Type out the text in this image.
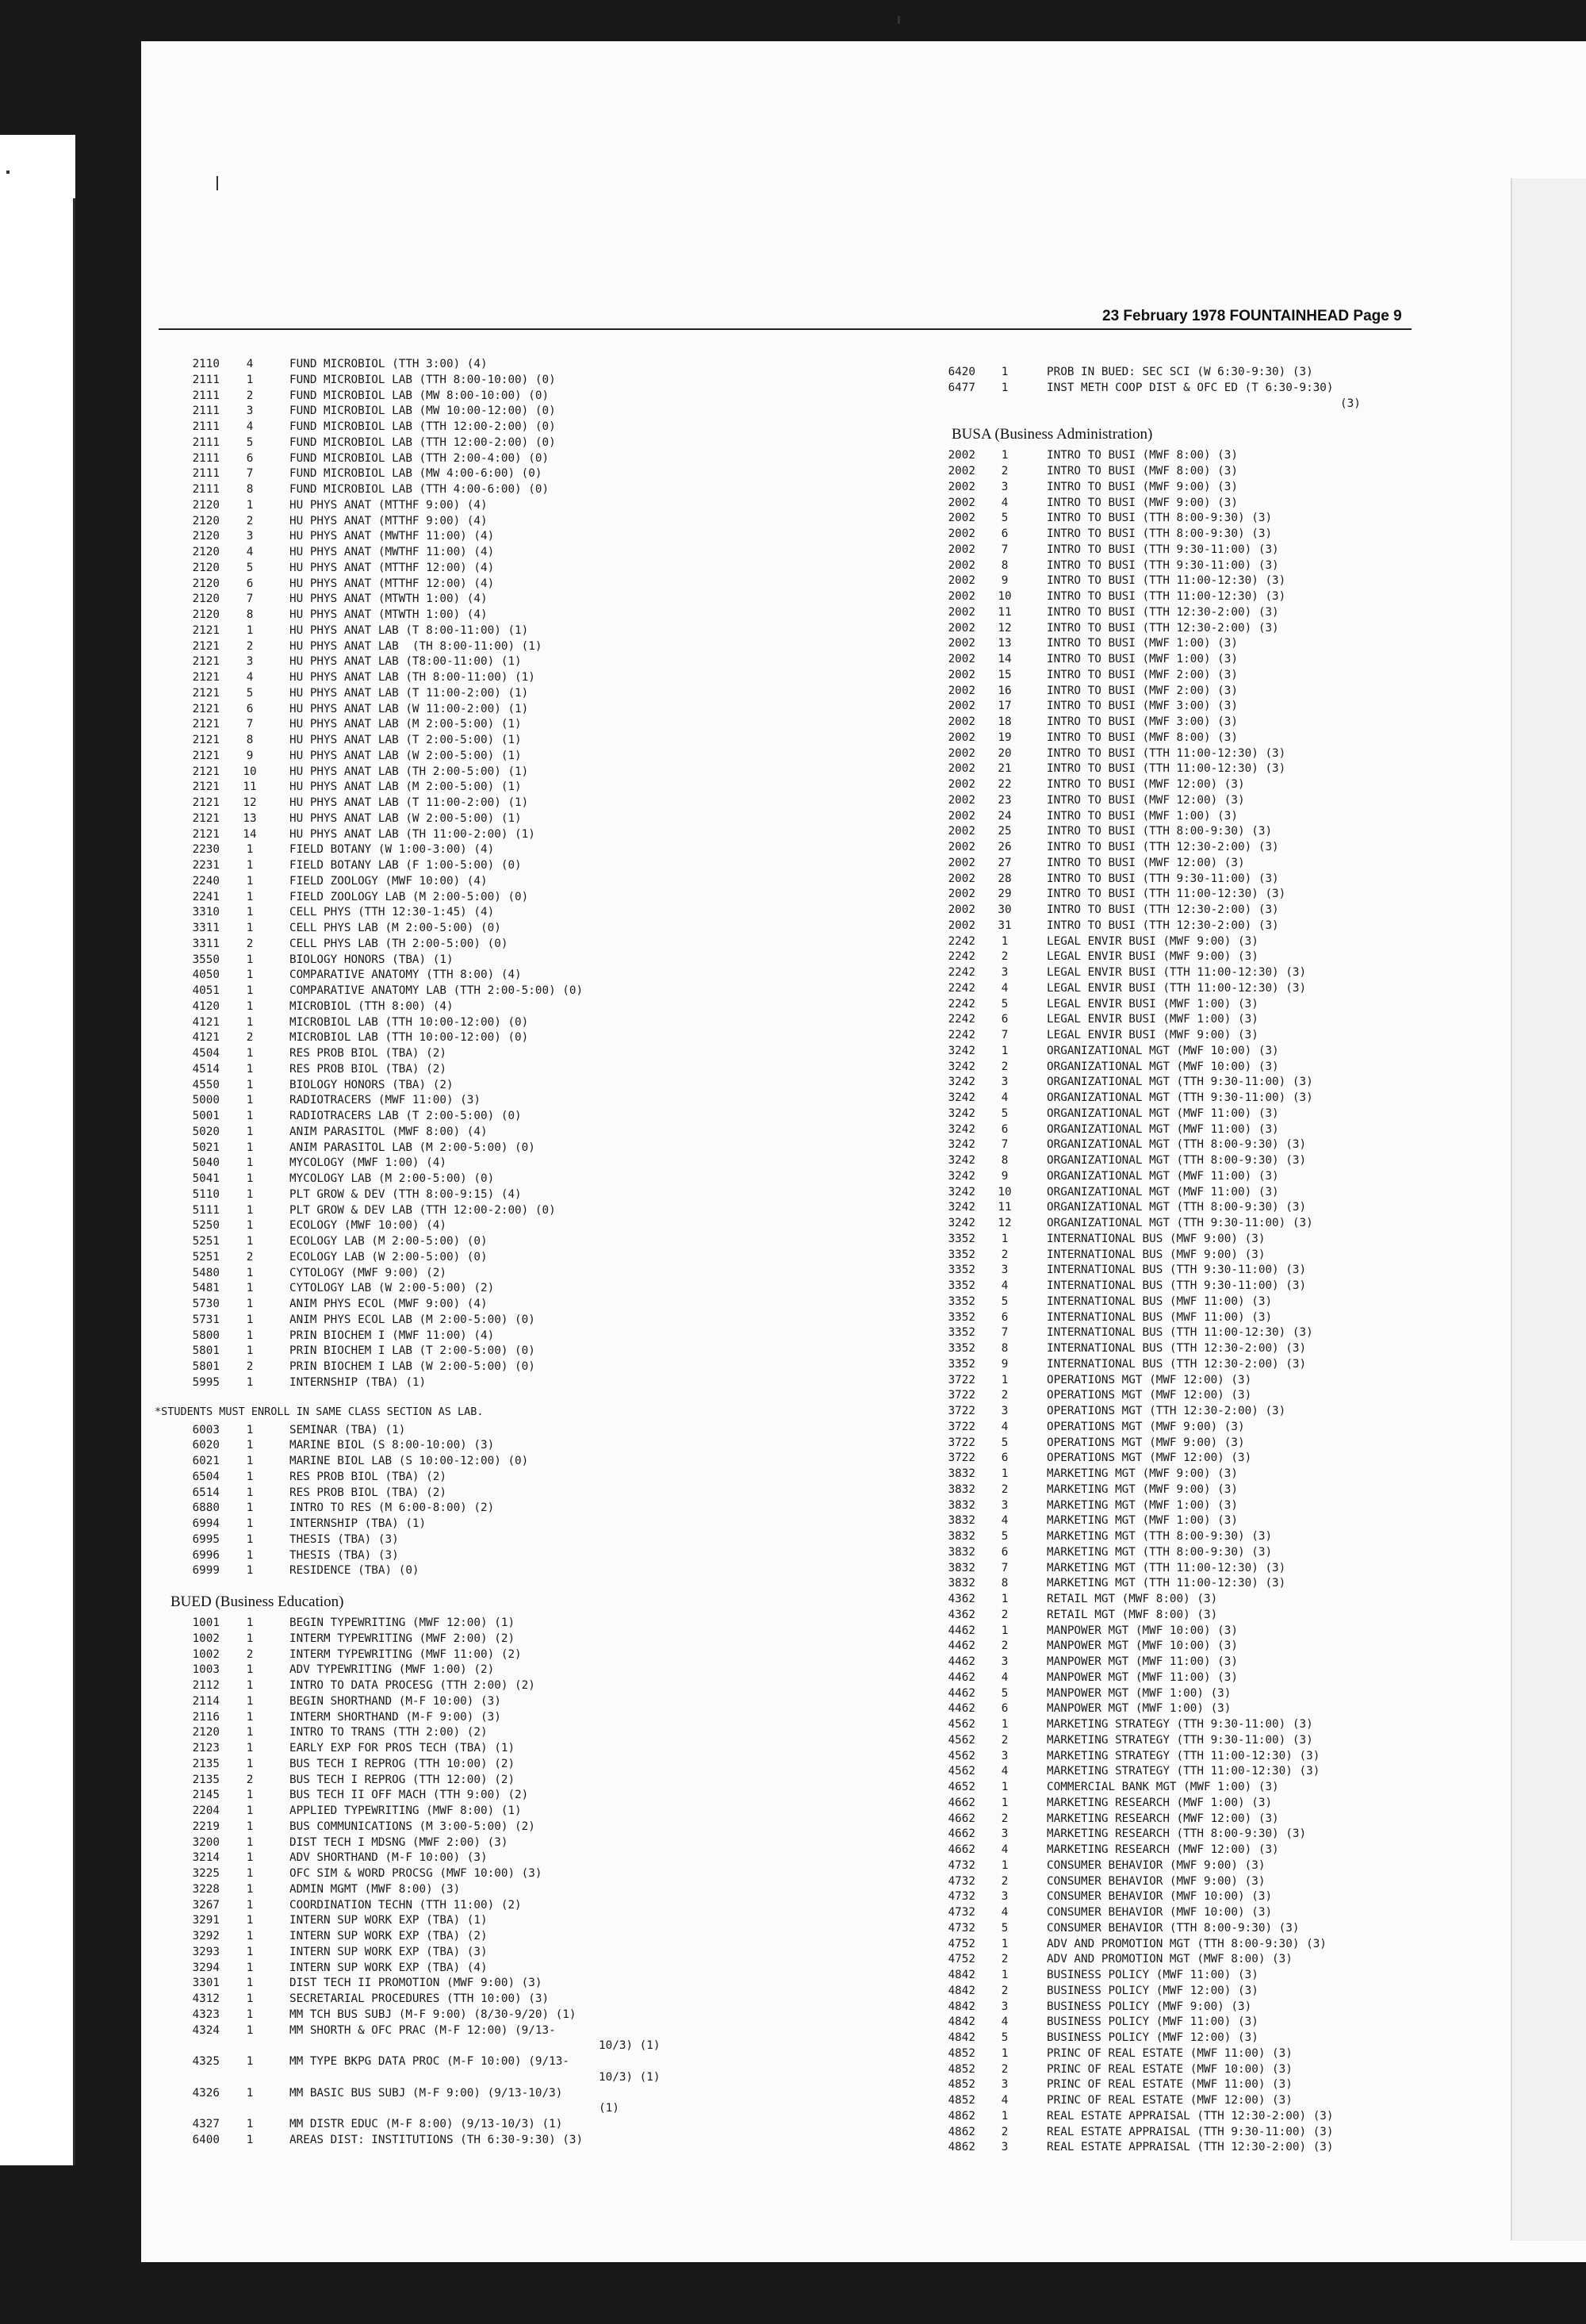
23 February 1978 FOUNTAINHEAD Page 9
2110	4	FUND MICROBIOL (TTH 3:00) (4)
2111	1	FUND MICROBIOL LAB (TTH 8:00-10:00) (0)
2111	2	FUND MICROBIOL LAB (MW 8:00-10:00) (0)
2111	3	FUND MICROBIOL LAB (MW 10:00-12:00) (0)
2111	4	FUND MICROBIOL LAB (TTH 12:00-2:00) (0)
2111	5	FUND MICROBIOL LAB (TTH 12:00-2:00) (0)
2111	6	FUND MICROBIOL LAB (TTH 2:00-4:00) (0)
2111	7	FUND MICROBIOL LAB (MW 4:00-6:00) (0)
2111	8	FUND MICROBIOL LAB (TTH 4:00-6:00) (0)
2120	1	HU PHYS ANAT (MTTHF 9:00) (4)
2120	2	HU PHYS ANAT (MTTHF 9:00) (4)
2120	3	HU PHYS ANAT (MWTHF 11:00) (4)
2120	4	HU PHYS ANAT (MWTHF 11:00) (4)
2120	5	HU PHYS ANAT (MTTHF 12:00) (4)
2120	6	HU PHYS ANAT (MTTHF 12:00) (4)
2120	7	HU PHYS ANAT (MTWTH 1:00) (4)
2120	8	HU PHYS ANAT (MTWTH 1:00) (4)
2121	1	HU PHYS ANAT LAB (T 8:00-11:00) (1)
2121	2	HU PHYS ANAT LAB  (TH 8:00-11:00) (1)
2121	3	HU PHYS ANAT LAB (T8:00-11:00) (1)
2121	4	HU PHYS ANAT LAB (TH 8:00-11:00) (1)
2121	5	HU PHYS ANAT LAB (T 11:00-2:00) (1)
2121	6	HU PHYS ANAT LAB (W 11:00-2:00) (1)
2121	7	HU PHYS ANAT LAB (M 2:00-5:00) (1)
2121	8	HU PHYS ANAT LAB (T 2:00-5:00) (1)
2121	9	HU PHYS ANAT LAB (W 2:00-5:00) (1)
2121	10	HU PHYS ANAT LAB (TH 2:00-5:00) (1)
2121	11	HU PHYS ANAT LAB (M 2:00-5:00) (1)
2121	12	HU PHYS ANAT LAB (T 11:00-2:00) (1)
2121	13	HU PHYS ANAT LAB (W 2:00-5:00) (1)
2121	14	HU PHYS ANAT LAB (TH 11:00-2:00) (1)
2230	1	FIELD BOTANY (W 1:00-3:00) (4)
2231	1	FIELD BOTANY LAB (F 1:00-5:00) (0)
2240	1	FIELD ZOOLOGY (MWF 10:00) (4)
2241	1	FIELD ZOOLOGY LAB (M 2:00-5:00) (0)
3310	1	CELL PHYS (TTH 12:30-1:45) (4)
3311	1	CELL PHYS LAB (M 2:00-5:00) (0)
3311	2	CELL PHYS LAB (TH 2:00-5:00) (0)
3550	1	BIOLOGY HONORS (TBA) (1)
4050	1	COMPARATIVE ANATOMY (TTH 8:00) (4)
4051	1	COMPARATIVE ANATOMY LAB (TTH 2:00-5:00) (0)
4120	1	MICROBIOL (TTH 8:00) (4)
4121	1	MICROBIOL LAB (TTH 10:00-12:00) (0)
4121	2	MICROBIOL LAB (TTH 10:00-12:00) (0)
4504	1	RES PROB BIOL (TBA) (2)
4514	1	RES PROB BIOL (TBA) (2)
4550	1	BIOLOGY HONORS (TBA) (2)
5000	1	RADIOTRACERS (MWF 11:00) (3)
5001	1	RADIOTRACERS LAB (T 2:00-5:00) (0)
5020	1	ANIM PARASITOL (MWF 8:00) (4)
5021	1	ANIM PARASITOL LAB (M 2:00-5:00) (0)
5040	1	MYCOLOGY (MWF 1:00) (4)
5041	1	MYCOLOGY LAB (M 2:00-5:00) (0)
5110	1	PLT GROW & DEV (TTH 8:00-9:15) (4)
5111	1	PLT GROW & DEV LAB (TTH 12:00-2:00) (0)
5250	1	ECOLOGY (MWF 10:00) (4)
5251	1	ECOLOGY LAB (M 2:00-5:00) (0)
5251	2	ECOLOGY LAB (W 2:00-5:00) (0)
5480	1	CYTOLOGY (MWF 9:00) (2)
5481	1	CYTOLOGY LAB (W 2:00-5:00) (2)
5730	1	ANIM PHYS ECOL (MWF 9:00) (4)
5731	1	ANIM PHYS ECOL LAB (M 2:00-5:00) (0)
5800	1	PRIN BIOCHEM I (MWF 11:00) (4)
5801	1	PRIN BIOCHEM I LAB (T 2:00-5:00) (0)
5801	2	PRIN BIOCHEM I LAB (W 2:00-5:00) (0)
5995	1	INTERNSHIP (TBA) (1)
*STUDENTS MUST ENROLL IN SAME CLASS SECTION AS LAB.
6003	1	SEMINAR (TBA) (1)
6020	1	MARINE BIOL (S 8:00-10:00) (3)
6021	1	MARINE BIOL LAB (S 10:00-12:00) (0)
6504	1	RES PROB BIOL (TBA) (2)
6514	1	RES PROB BIOL (TBA) (2)
6880	1	INTRO TO RES (M 6:00-8:00) (2)
6994	1	INTERNSHIP (TBA) (1)
6995	1	THESIS (TBA) (3)
6996	1	THESIS (TBA) (3)
6999	1	RESIDENCE (TBA) (0)
BUED (Business Education)
1001	1	BEGIN TYPEWRITING (MWF 12:00) (1)
1002	1	INTERM TYPEWRITING (MWF 2:00) (2)
1002	2	INTERM TYPEWRITING (MWF 11:00) (2)
1003	1	ADV TYPEWRITING (MWF 1:00) (2)
2112	1	INTRO TO DATA PROCESG (TTH 2:00) (2)
2114	1	BEGIN SHORTHAND (M-F 10:00) (3)
2116	1	INTERM SHORTHAND (M-F 9:00) (3)
2120	1	INTRO TO TRANS (TTH 2:00) (2)
2123	1	EARLY EXP FOR PROS TECH (TBA) (1)
2135	1	BUS TECH I REPROG (TTH 10:00) (2)
2135	2	BUS TECH I REPROG (TTH 12:00) (2)
2145	1	BUS TECH II OFF MACH (TTH 9:00) (2)
2204	1	APPLIED TYPEWRITING (MWF 8:00) (1)
2219	1	BUS COMMUNICATIONS (M 3:00-5:00) (2)
3200	1	DIST TECH I MDSNG (MWF 2:00) (3)
3214	1	ADV SHORTHAND (M-F 10:00) (3)
3225	1	OFC SIM & WORD PROCSG (MWF 10:00) (3)
3228	1	ADMIN MGMT (MWF 8:00) (3)
3267	1	COORDINATION TECHN (TTH 11:00) (2)
3291	1	INTERN SUP WORK EXP (TBA) (1)
3292	1	INTERN SUP WORK EXP (TBA) (2)
3293	1	INTERN SUP WORK EXP (TBA) (3)
3294	1	INTERN SUP WORK EXP (TBA) (4)
3301	1	DIST TECH II PROMOTION (MWF 9:00) (3)
4312	1	SECRETARIAL PROCEDURES (TTH 10:00) (3)
4323	1	MM TCH BUS SUBJ (M-F 9:00) (8/30-9/20) (1)
4324	1	MM SHORTH & OFC PRAC (M-F 12:00) (9/13-
10/3) (1)
4325	1	MM TYPE BKPG DATA PROC (M-F 10:00) (9/13-
10/3) (1)
4326	1	MM BASIC BUS SUBJ (M-F 9:00) (9/13-10/3)
(1)
4327	1	MM DISTR EDUC (M-F 8:00) (9/13-10/3) (1)
6400	1	AREAS DIST: INSTITUTIONS (TH 6:30-9:30) (3)
6420	1	PROB IN BUED: SEC SCI (W 6:30-9:30) (3)
6477	1	INST METH COOP DIST & OFC ED (T 6:30-9:30)
(3)
BUSA (Business Administration)
2002	1	INTRO TO BUSI (MWF 8:00) (3)
2002	2	INTRO TO BUSI (MWF 8:00) (3)
2002	3	INTRO TO BUSI (MWF 9:00) (3)
2002	4	INTRO TO BUSI (MWF 9:00) (3)
2002	5	INTRO TO BUSI (TTH 8:00-9:30) (3)
2002	6	INTRO TO BUSI (TTH 8:00-9:30) (3)
2002	7	INTRO TO BUSI (TTH 9:30-11:00) (3)
2002	8	INTRO TO BUSI (TTH 9:30-11:00) (3)
2002	9	INTRO TO BUSI (TTH 11:00-12:30) (3)
2002	10	INTRO TO BUSI (TTH 11:00-12:30) (3)
2002	11	INTRO TO BUSI (TTH 12:30-2:00) (3)
2002	12	INTRO TO BUSI (TTH 12:30-2:00) (3)
2002	13	INTRO TO BUSI (MWF 1:00) (3)
2002	14	INTRO TO BUSI (MWF 1:00) (3)
2002	15	INTRO TO BUSI (MWF 2:00) (3)
2002	16	INTRO TO BUSI (MWF 2:00) (3)
2002	17	INTRO TO BUSI (MWF 3:00) (3)
2002	18	INTRO TO BUSI (MWF 3:00) (3)
2002	19	INTRO TO BUSI (MWF 8:00) (3)
2002	20	INTRO TO BUSI (TTH 11:00-12:30) (3)
2002	21	INTRO TO BUSI (TTH 11:00-12:30) (3)
2002	22	INTRO TO BUSI (MWF 12:00) (3)
2002	23	INTRO TO BUSI (MWF 12:00) (3)
2002	24	INTRO TO BUSI (MWF 1:00) (3)
2002	25	INTRO TO BUSI (TTH 8:00-9:30) (3)
2002	26	INTRO TO BUSI (TTH 12:30-2:00) (3)
2002	27	INTRO TO BUSI (MWF 12:00) (3)
2002	28	INTRO TO BUSI (TTH 9:30-11:00) (3)
2002	29	INTRO TO BUSI (TTH 11:00-12:30) (3)
2002	30	INTRO TO BUSI (TTH 12:30-2:00) (3)
2002	31	INTRO TO BUSI (TTH 12:30-2:00) (3)
2242	1	LEGAL ENVIR BUSI (MWF 9:00) (3)
2242	2	LEGAL ENVIR BUSI (MWF 9:00) (3)
2242	3	LEGAL ENVIR BUSI (TTH 11:00-12:30) (3)
2242	4	LEGAL ENVIR BUSI (TTH 11:00-12:30) (3)
2242	5	LEGAL ENVIR BUSI (MWF 1:00) (3)
2242	6	LEGAL ENVIR BUSI (MWF 1:00) (3)
2242	7	LEGAL ENVIR BUSI (MWF 9:00) (3)
3242	1	ORGANIZATIONAL MGT (MWF 10:00) (3)
3242	2	ORGANIZATIONAL MGT (MWF 10:00) (3)
3242	3	ORGANIZATIONAL MGT (TTH 9:30-11:00) (3)
3242	4	ORGANIZATIONAL MGT (TTH 9:30-11:00) (3)
3242	5	ORGANIZATIONAL MGT (MWF 11:00) (3)
3242	6	ORGANIZATIONAL MGT (MWF 11:00) (3)
3242	7	ORGANIZATIONAL MGT (TTH 8:00-9:30) (3)
3242	8	ORGANIZATIONAL MGT (TTH 8:00-9:30) (3)
3242	9	ORGANIZATIONAL MGT (MWF 11:00) (3)
3242	10	ORGANIZATIONAL MGT (MWF 11:00) (3)
3242	11	ORGANIZATIONAL MGT (TTH 8:00-9:30) (3)
3242	12	ORGANIZATIONAL MGT (TTH 9:30-11:00) (3)
3352	1	INTERNATIONAL BUS (MWF 9:00) (3)
3352	2	INTERNATIONAL BUS (MWF 9:00) (3)
3352	3	INTERNATIONAL BUS (TTH 9:30-11:00) (3)
3352	4	INTERNATIONAL BUS (TTH 9:30-11:00) (3)
3352	5	INTERNATIONAL BUS (MWF 11:00) (3)
3352	6	INTERNATIONAL BUS (MWF 11:00) (3)
3352	7	INTERNATIONAL BUS (TTH 11:00-12:30) (3)
3352	8	INTERNATIONAL BUS (TTH 12:30-2:00) (3)
3352	9	INTERNATIONAL BUS (TTH 12:30-2:00) (3)
3722	1	OPERATIONS MGT (MWF 12:00) (3)
3722	2	OPERATIONS MGT (MWF 12:00) (3)
3722	3	OPERATIONS MGT (TTH 12:30-2:00) (3)
3722	4	OPERATIONS MGT (MWF 9:00) (3)
3722	5	OPERATIONS MGT (MWF 9:00) (3)
3722	6	OPERATIONS MGT (MWF 12:00) (3)
3832	1	MARKETING MGT (MWF 9:00) (3)
3832	2	MARKETING MGT (MWF 9:00) (3)
3832	3	MARKETING MGT (MWF 1:00) (3)
3832	4	MARKETING MGT (MWF 1:00) (3)
3832	5	MARKETING MGT (TTH 8:00-9:30) (3)
3832	6	MARKETING MGT (TTH 8:00-9:30) (3)
3832	7	MARKETING MGT (TTH 11:00-12:30) (3)
3832	8	MARKETING MGT (TTH 11:00-12:30) (3)
4362	1	RETAIL MGT (MWF 8:00) (3)
4362	2	RETAIL MGT (MWF 8:00) (3)
4462	1	MANPOWER MGT (MWF 10:00) (3)
4462	2	MANPOWER MGT (MWF 10:00) (3)
4462	3	MANPOWER MGT (MWF 11:00) (3)
4462	4	MANPOWER MGT (MWF 11:00) (3)
4462	5	MANPOWER MGT (MWF 1:00) (3)
4462	6	MANPOWER MGT (MWF 1:00) (3)
4562	1	MARKETING STRATEGY (TTH 9:30-11:00) (3)
4562	2	MARKETING STRATEGY (TTH 9:30-11:00) (3)
4562	3	MARKETING STRATEGY (TTH 11:00-12:30) (3)
4562	4	MARKETING STRATEGY (TTH 11:00-12:30) (3)
4652	1	COMMERCIAL BANK MGT (MWF 1:00) (3)
4662	1	MARKETING RESEARCH (MWF 1:00) (3)
4662	2	MARKETING RESEARCH (MWF 12:00) (3)
4662	3	MARKETING RESEARCH (TTH 8:00-9:30) (3)
4662	4	MARKETING RESEARCH (MWF 12:00) (3)
4732	1	CONSUMER BEHAVIOR (MWF 9:00) (3)
4732	2	CONSUMER BEHAVIOR (MWF 9:00) (3)
4732	3	CONSUMER BEHAVIOR (MWF 10:00) (3)
4732	4	CONSUMER BEHAVIOR (MWF 10:00) (3)
4732	5	CONSUMER BEHAVIOR (TTH 8:00-9:30) (3)
4752	1	ADV AND PROMOTION MGT (TTH 8:00-9:30) (3)
4752	2	ADV AND PROMOTION MGT (MWF 8:00) (3)
4842	1	BUSINESS POLICY (MWF 11:00) (3)
4842	2	BUSINESS POLICY (MWF 12:00) (3)
4842	3	BUSINESS POLICY (MWF 9:00) (3)
4842	4	BUSINESS POLICY (MWF 11:00) (3)
4842	5	BUSINESS POLICY (MWF 12:00) (3)
4852	1	PRINC OF REAL ESTATE (MWF 11:00) (3)
4852	2	PRINC OF REAL ESTATE (MWF 10:00) (3)
4852	3	PRINC OF REAL ESTATE (MWF 11:00) (3)
4852	4	PRINC OF REAL ESTATE (MWF 12:00) (3)
4862	1	REAL ESTATE APPRAISAL (TTH 12:30-2:00) (3)
4862	2	REAL ESTATE APPRAISAL (TTH 9:30-11:00) (3)
4862	3	REAL ESTATE APPRAISAL (TTH 12:30-2:00) (3)
